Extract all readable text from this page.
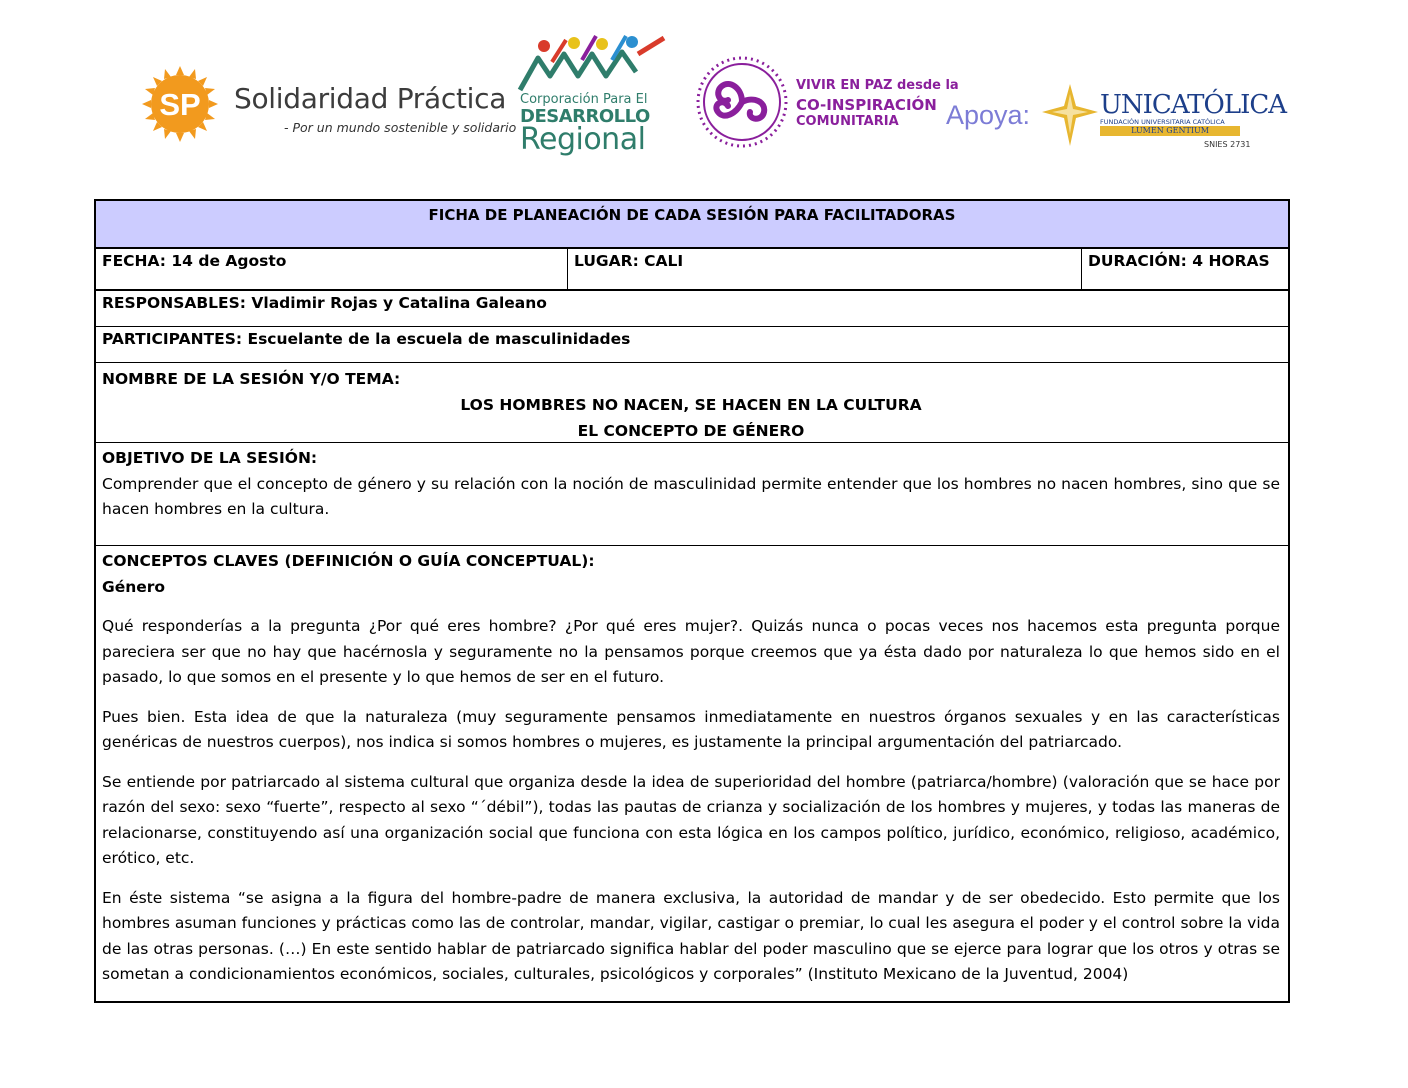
SP Solidaridad Práctica
- Por un mundo sostenible y solidario
Corporación Para El
DESARROLLO
Regional
VIVIR EN PAZ desde la
CO-INSPIRACIÓN
COMUNITARIA Apoya:	UNICATÓLICA
FUNDACIÓN UNIVERSITARIA CATÓLICA
LUMEN GENTIUM
SNIES 2731
FICHA DE PLANEACIÓN DE CADA SESIÓN PARA FACILITADORAS
FECHA: 14 de Agosto	LUGAR: CALI	DURACIÓN: 4 HORAS
RESPONSABLES: Vladimir Rojas y Catalina Galeano
PARTICIPANTES: Escuelante de la escuela de masculinidades
NOMBRE DE LA SESIÓN Y/O TEMA:
LOS HOMBRES NO NACEN, SE HACEN EN LA CULTURA
EL CONCEPTO DE GÉNERO
OBJETIVO DE LA SESIÓN:
Comprender que el concepto de género y su relación con la noción de masculinidad permite entender que los hombres no nacen hombres, sino que se hacen hombres en la cultura.
CONCEPTOS CLAVES (DEFINICIÓN O GUÍA CONCEPTUAL):
Género

Qué responderías a la pregunta ¿Por qué eres hombre? ¿Por qué eres mujer?. Quizás nunca o pocas veces nos hacemos esta pregunta porque pareciera ser que no hay que hacérnosla y seguramente no la pensamos porque creemos que ya ésta dado por naturaleza lo que hemos sido en el pasado, lo que somos en el presente y lo que hemos de ser en el futuro.

Pues bien. Esta idea de que la naturaleza (muy seguramente pensamos inmediatamente en nuestros órganos sexuales y en las características genéricas de nuestros cuerpos), nos indica si somos hombres o mujeres, es justamente la principal argumentación del patriarcado.

Se entiende por patriarcado al sistema cultural que organiza desde la idea de superioridad del hombre (patriarca/hombre) (valoración que se hace por razón del sexo: sexo “fuerte”, respecto al sexo “´débil”), todas las pautas de crianza y socialización de los hombres y mujeres, y todas las maneras de relacionarse, constituyendo así una organización social que funciona con esta lógica en los campos político, jurídico, económico, religioso, académico, erótico, etc.

En éste sistema “se asigna a la figura del hombre-padre de manera exclusiva, la autoridad de mandar y de ser obedecido. Esto permite que los hombres asuman funciones y prácticas como las de controlar, mandar, vigilar, castigar o premiar, lo cual les asegura el poder y el control sobre la vida de las otras personas. (…) En este sentido hablar de patriarcado significa hablar del poder masculino que se ejerce para lograr que los otros y otras se sometan a condicionamientos económicos, sociales, culturales, psicológicos y corporales” (Instituto Mexicano de la Juventud, 2004)
